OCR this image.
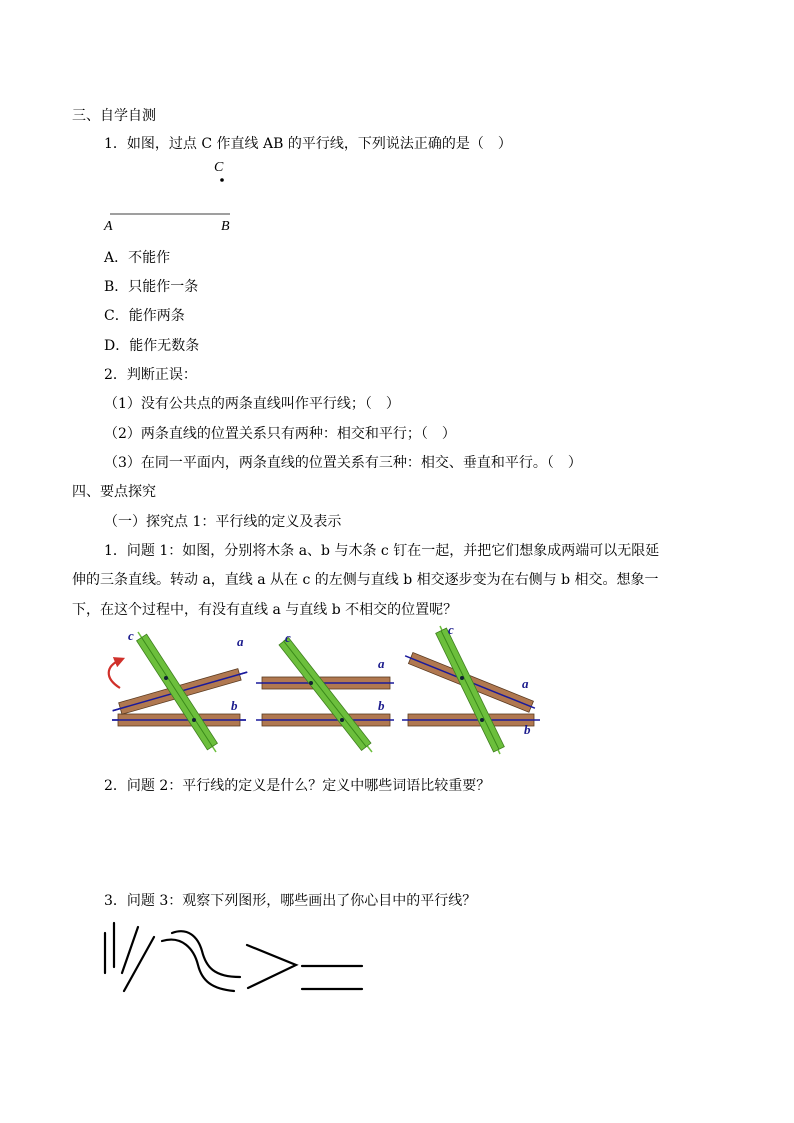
三、自学自测
1．如图，过点 C 作直线 AB 的平行线，下列说法正确的是（　）
C
A	B
A．不能作
B．只能作一条
C．能作两条
D．能作无数条
2．判断正误：
（1）没有公共点的两条直线叫作平行线；（　）
（2）两条直线的位置关系只有两种：相交和平行；（　）
（3）在同一平面内，两条直线的位置关系有三种：相交、垂直和平行。（　）
四、要点探究
（一）探究点 1：平行线的定义及表示
1．问题 1：如图，分别将木条 a、b 与木条 c 钉在一起，并把它们想象成两端可以无限延
伸的三条直线。转动 a，直线 a 从在 c 的左侧与直线 b 相交逐步变为在右侧与 b 相交。想象一
下，在这个过程中，有没有直线 a 与直线 b 不相交的位置呢？
c	a
b
c
a
b
c
a
b
2．问题 2：平行线的定义是什么？定义中哪些词语比较重要？
3．问题 3：观察下列图形，哪些画出了你心目中的平行线？
